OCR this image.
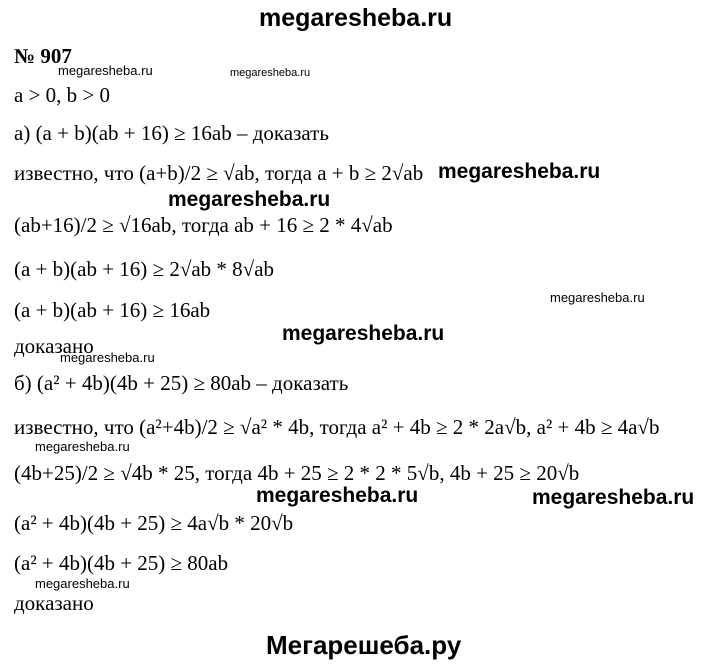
megaresheba.ru
№ 907
megaresheba.ru	megaresheba.ru
a > 0, b > 0
а) (a + b)(ab + 16) ≥ 16ab – доказать
известно, что (a+b)/2 ≥ √ab, тогда a + b ≥ 2√ab megaresheba.ru
megaresheba.ru
(ab+16)/2 ≥ √16ab, тогда ab + 16 ≥ 2 * 4√ab
(a + b)(ab + 16) ≥ 2√ab * 8√ab
megaresheba.ru
(a + b)(ab + 16) ≥ 16ab
megaresheba.ru
доказано
megaresheba.ru
б) (a² + 4b)(4b + 25) ≥ 80ab – доказать
известно, что (a²+4b)/2 ≥ √a² * 4b, тогда a² + 4b ≥ 2 * 2a√b, a² + 4b ≥ 4a√b
megaresheba.ru
(4b+25)/2 ≥ √4b * 25, тогда 4b + 25 ≥ 2 * 2 * 5√b, 4b + 25 ≥ 20√b
megaresheba.ru	megaresheba.ru
(a² + 4b)(4b + 25) ≥ 4a√b * 20√b
(a² + 4b)(4b + 25) ≥ 80ab
megaresheba.ru
доказано
Мегарешеба.ру
